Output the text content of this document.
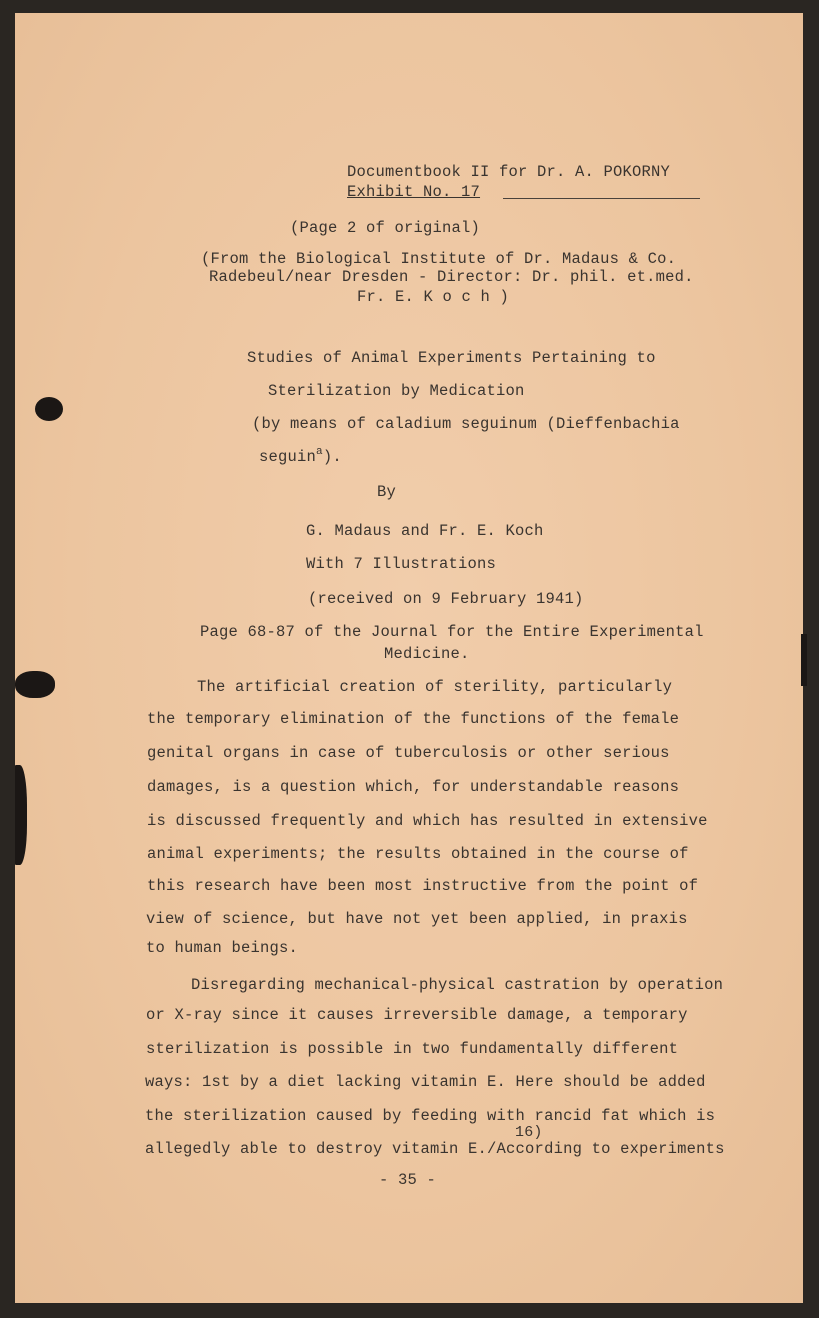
Documentbook II for Dr. A. POKORNY
Exhibit No. 17
(Page 2 of original)
(From the Biological Institute of Dr. Madaus & Co.
Radebeul/near Dresden - Director: Dr. phil. et.med.
Fr. E. K o c h )
Studies of Animal Experiments Pertaining to
Sterilization by Medication
(by means of caladium seguinum (Dieffenbachia
seguin$^a$).
By
G. Madaus and Fr. E. Koch
With 7 Illustrations
(received on 9 February 1941)
Page 68-87 of the Journal for the Entire Experimental
Medicine.
The artificial creation of sterility, particularly
the temporary elimination of the functions of the female
genital organs in case of tuberculosis or other serious
damages, is a question which, for understandable reasons
is discussed frequently and which has resulted in extensive
animal experiments; the results obtained in the course of
this research have been most instructive from the point of
view of science, but have not yet been applied, in praxis
to human beings.
Disregarding mechanical-physical castration by operation
or X-ray since it causes irreversible damage, a temporary
sterilization is possible in two fundamentally different
ways: 1st by a diet lacking vitamin E. Here should be added
the sterilization caused by feeding with rancid fat which is
allegedly able to destroy vitamin E./According to experiments
16)
- 35 -
